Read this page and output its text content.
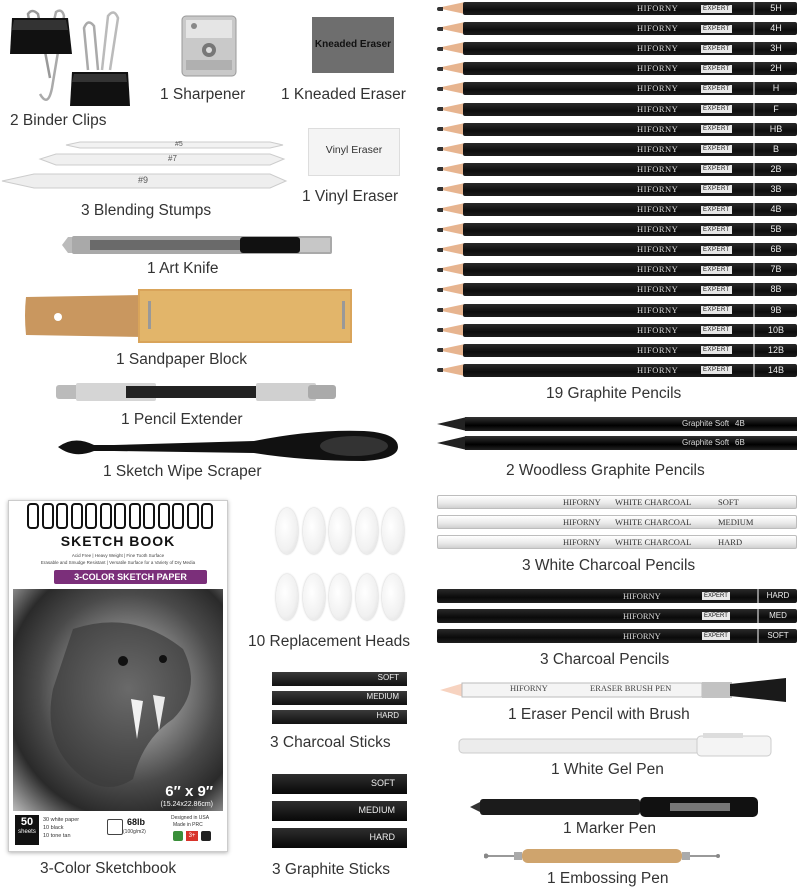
2 Binder Clips
1 Sharpener
Kneaded Eraser
1 Kneaded Eraser
#5
#7
#9
3 Blending Stumps
Vinyl Eraser
1 Vinyl Eraser
1 Art Knife
1 Sandpaper Block
1 Pencil Extender
1 Sketch Wipe Scraper
HIFORNY	EXPERT	5H
HIFORNY	EXPERT	4H
HIFORNY	EXPERT	3H
HIFORNY	EXPERT	2H
HIFORNY	EXPERT	H
HIFORNY	EXPERT	F
HIFORNY	EXPERT	HB
HIFORNY	EXPERT	B
HIFORNY	EXPERT	2B
HIFORNY	EXPERT	3B
HIFORNY	EXPERT	4B
HIFORNY	EXPERT	5B
HIFORNY	EXPERT	6B
HIFORNY	EXPERT	7B
HIFORNY	EXPERT	8B
HIFORNY	EXPERT	9B
HIFORNY	EXPERT	10B
HIFORNY	EXPERT	12B
HIFORNY	EXPERT	14B
19 Graphite Pencils
Graphite Soft 4B
Graphite Soft 6B
2 Woodless Graphite Pencils
HIFORNY WHITE CHARCOAL	SOFT
HIFORNY WHITE CHARCOAL	MEDIUM
HIFORNY WHITE CHARCOAL	HARD
3 White Charcoal Pencils
HIFORNY	EXPERT	HARD
HIFORNY	EXPERT	MED
HIFORNY	EXPERT	SOFT
3 Charcoal Pencils
HIFORNY	ERASER BRUSH PEN
1 Eraser Pencil with Brush
1 White Gel Pen
1 Marker Pen
1 Embossing Pen
10 Replacement Heads
SOFT
MEDIUM
HARD
3 Charcoal Sticks
SOFT
MEDIUM
HARD
3 Graphite Sticks
SKETCH BOOK
Acid Free | Heavy Weight | Fine Tooth Surface
Erasable and Smudge Resistant | Versatile Surface for a Variety of Dry Media
3-COLOR SKETCH PAPER
6″ x 9″
(15.24x22.86cm)
50
sheets
30 white paper
10 black
10 tone tan
68lb
(100g/m2)
Designed in USA
Made in PRC
3+
3-Color Sketchbook
